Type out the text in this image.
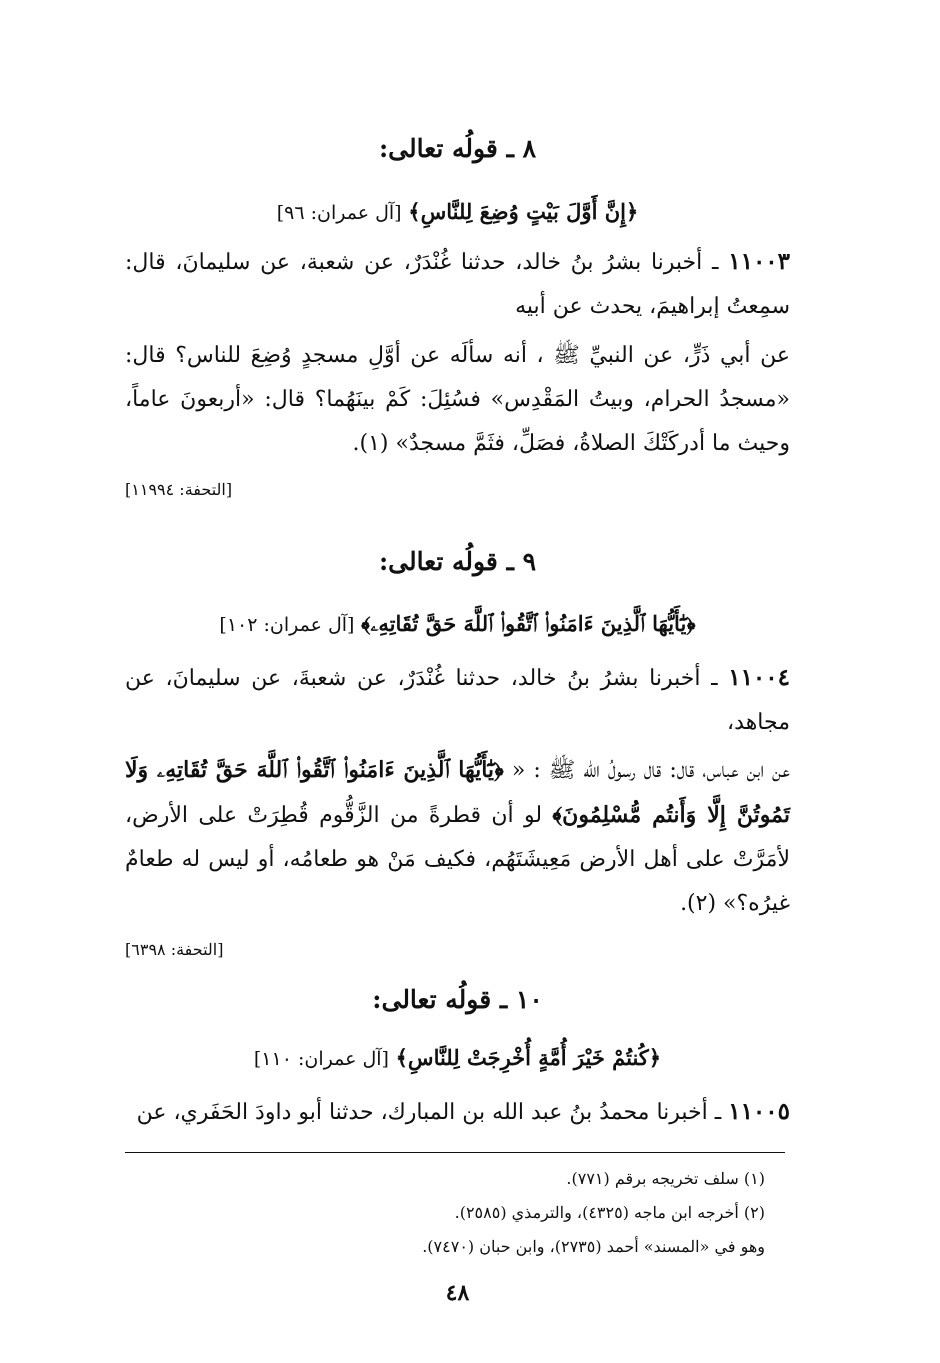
٨ ـ قولُه تعالى:
﴿إِنَّ أَوَّلَ بَيْتٍ وُضِعَ لِلنَّاسِ﴾ [آل عمران: ٩٦]
١١٠٠٣ ـ أخبرنا بشرُ بنُ خالد، حدثنا غُنْدَرٌ، عن شعبة، عن سليمانَ، قال: سمِعتُ إبراهيمَ، يحدث عن أبيه
عن أبي ذَرٍّ، عن النبيِّ ﷺ ، أنه سألَه عن أوَّلِ مسجدٍ وُضِعَ للناس؟ قال: «مسجدُ الحرام، وبيتُ المَقْدِس» فسُئِلَ: كَمْ بينَهُما؟ قال: «أربعونَ عاماً، وحيث ما أدركَتْكَ الصلاةُ، فصَلِّ، فثَمَّ مسجدٌ» (١).
[التحفة: ١١٩٩٤]
٩ ـ قولُه تعالى:
﴿يَٰٓأَيُّهَا ٱلَّذِينَ ءَامَنُوا۟ ٱتَّقُوا۟ ٱللَّهَ حَقَّ تُقَاتِهِۦ﴾ [آل عمران: ١٠٢]
١١٠٠٤ ـ أخبرنا بشرُ بنُ خالد، حدثنا غُنْدَرٌ، عن شعبةَ، عن سليمانَ، عن مجاهد،
عن ابن عباس، قال: قال رسولُ الله ﷺ : « ﴿يَٰٓأَيُّهَا ٱلَّذِينَ ءَامَنُوا۟ ٱتَّقُوا۟ ٱللَّهَ حَقَّ تُقَاتِهِۦ وَلَا تَمُوتُنَّ إِلَّا وَأَنتُم مُّسْلِمُونَ﴾ لو أن قطرةً من الزَّقُّوم قُطِرَتْ على الأرض، لأمَرَّتْ على أهل الأرض مَعِيشَتَهُم، فكيف مَنْ هو طعامُه، أو ليس له طعامٌ غيرُه؟» (٢).
[التحفة: ٦٣٩٨]
١٠ ـ قولُه تعالى:
﴿كُنتُمْ خَيْرَ أُمَّةٍ أُخْرِجَتْ لِلنَّاسِ﴾ [آل عمران: ١١٠]
١١٠٠٥ ـ أخبرنا محمدُ بنُ عبد الله بن المبارك، حدثنا أبو داودَ الحَفَري، عن
(١) سلف تخريجه برقم (٧٧١).
(٢) أخرجه ابن ماجه (٤٣٢٥)، والترمذي (٢٥٨٥).
وهو في «المسند» أحمد (٢٧٣٥)، وابن حبان (٧٤٧٠).
٤٨
